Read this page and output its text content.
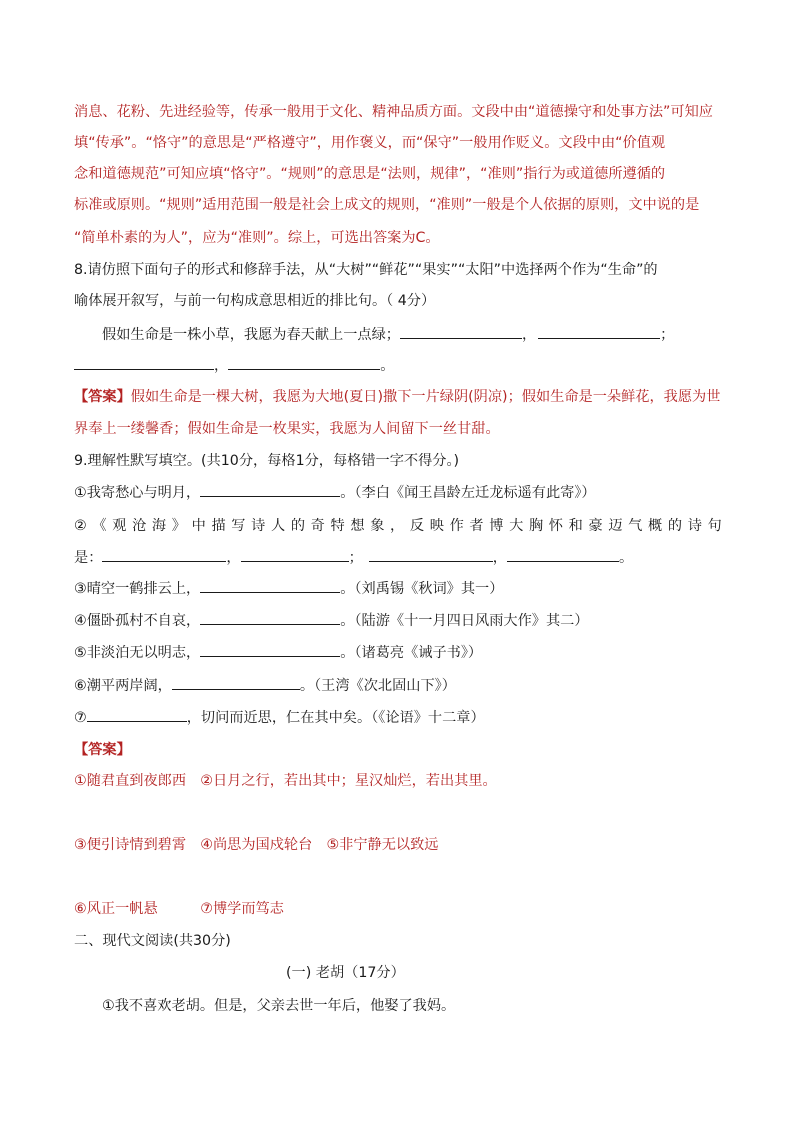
消息、花粉、先进经验等，传承一般用于文化、精神品质方面。文段中由“道德操守和处事方法”可知应
填“传承”。“恪守”的意思是“严格遵守”，用作褒义，而“保守”一般用作贬义。文段中由“价值观
念和道德规范”可知应填“恪守”。“规则”的意思是“法则，规律”，“准则”指行为或道德所遵循的
标准或原则。“规则”适用范围一般是社会上成文的规则，“准则”一般是个人依据的原则，文中说的是
“简单朴素的为人”，应为“准则”。综上，可选出答案为C。
8.请仿照下面句子的形式和修辞手法，从“大树”“鲜花”“果实”“太阳”中选择两个作为“生命”的
喻体展开叙写，与前一句构成意思相近的排比句。（ 4分）
假如生命是一株小草，我愿为春天献上一点绿；	，	；
，	。
【答案】假如生命是一棵大树，我愿为大地(夏日)撒下一片绿阴(阴凉)；假如生命是一朵鲜花，我愿为世
界奉上一缕馨香；假如生命是一枚果实，我愿为人间留下一丝甘甜。
9.理解性默写填空。(共10分，每格1分，每格错一字不得分。)
①我寄愁心与明月，	。（李白《闻王昌龄左迁龙标遥有此寄》）
② 《 观 沧 海 》 中 描 写 诗 人 的 奇 特 想 象 ， 反 映 作 者 博 大 胸 怀 和 豪 迈 气 概 的 诗 句
是：	，	；	，	。
③晴空一鹤排云上，	。（刘禹锡《秋词》其一）
④僵卧孤村不自哀，	。（陆游《十一月四日风雨大作》其二）
⑤非淡泊无以明志，	。（诸葛亮《诫子书》）
⑥潮平两岸阔，	。（王湾《次北固山下》）
⑦	，切问而近思，仁在其中矣。（《论语》十二章）
【答案】
①随君直到夜郎西　②日月之行，若出其中；星汉灿烂，若出其里。
③便引诗情到碧霄　④尚思为国戍轮台　⑤非宁静无以致远
⑥风正一帆悬　　　⑦博学而笃志
二、现代文阅读(共30分)
(一) 老胡（17分）
①我不喜欢老胡。但是，父亲去世一年后，他娶了我妈。
